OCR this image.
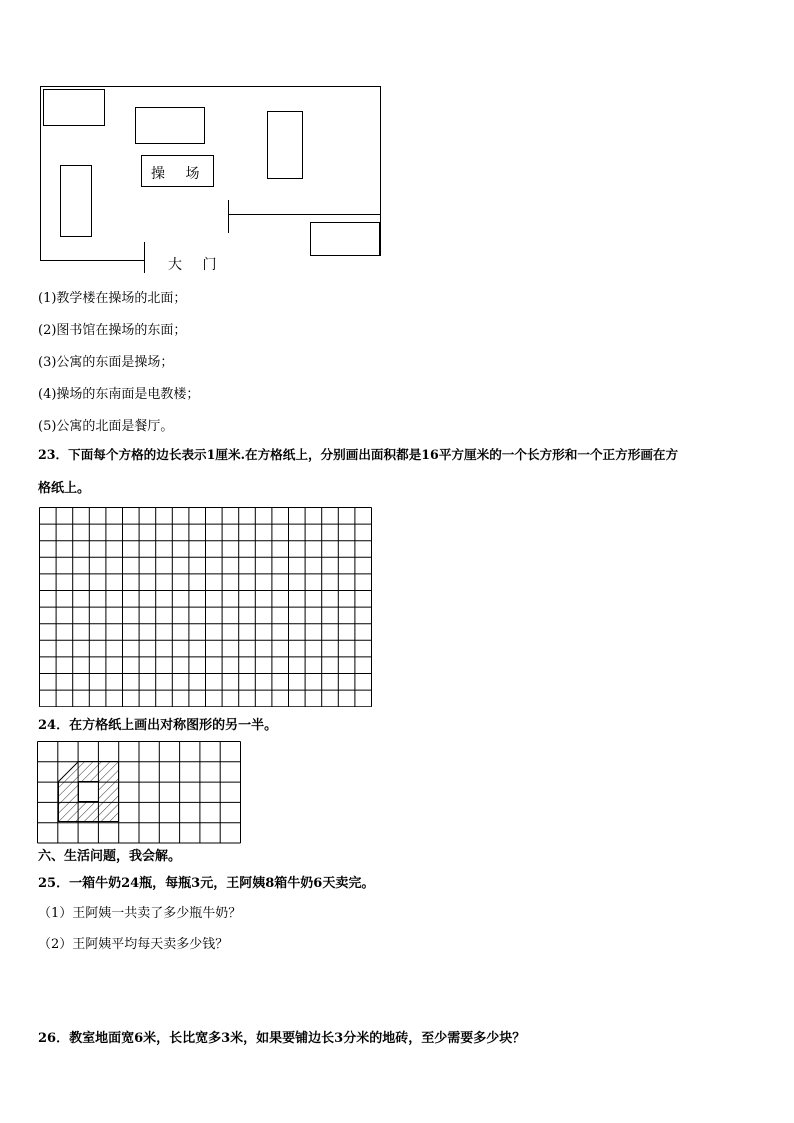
操 场
大 门
(1)教学楼在操场的北面；
(2)图书馆在操场的东面；
(3)公寓的东面是操场；
(4)操场的东南面是电教楼；
(5)公寓的北面是餐厅。
23．下面每个方格的边长表示1厘米.在方格纸上，分别画出面积都是16平方厘米的一个长方形和一个正方形画在方
格纸上。
24．在方格纸上画出对称图形的另一半。
六、生活问题，我会解。
25．一箱牛奶24瓶，每瓶3元，王阿姨8箱牛奶6天卖完。
（1）王阿姨一共卖了多少瓶牛奶？
（2）王阿姨平均每天卖多少钱？
26．教室地面宽6米，长比宽多3米，如果要铺边长3分米的地砖，至少需要多少块？
